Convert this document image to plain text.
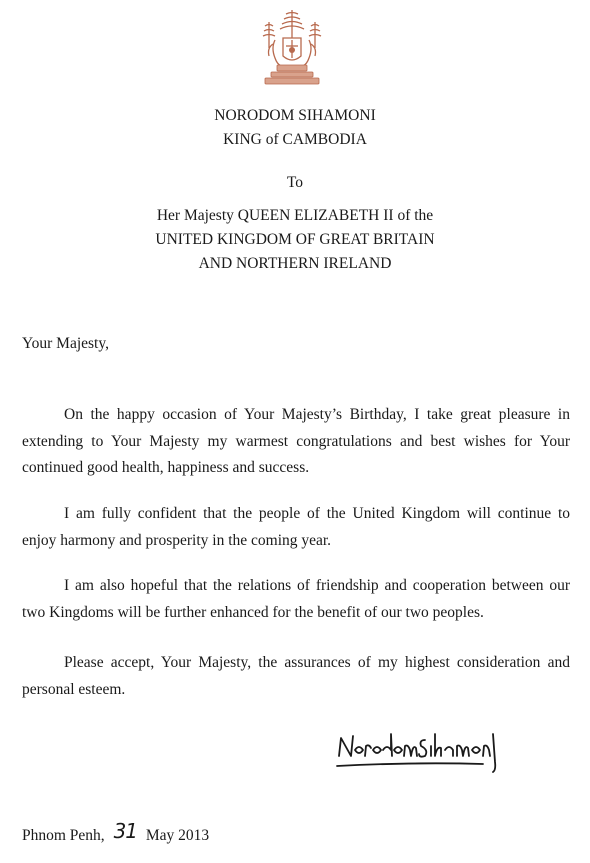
NORODOM SIHAMONI
KING of CAMBODIA
To
Her Majesty QUEEN ELIZABETH II of the
UNITED KINGDOM OF GREAT BRITAIN
AND NORTHERN IRELAND
Your Majesty,

On the happy occasion of Your Majesty’s Birthday, I take great pleasure in extending to Your Majesty my warmest congratulations and best wishes for Your continued good health, happiness and success.

I am fully confident that the people of the United Kingdom will continue to enjoy harmony and prosperity in the coming year.

I am also hopeful that the relations of friendship and cooperation between our two Kingdoms will be further enhanced for the benefit of our two peoples.

Please accept, Your Majesty, the assurances of my highest consideration and personal esteem.

Phnom Penh, 31 May 2013
